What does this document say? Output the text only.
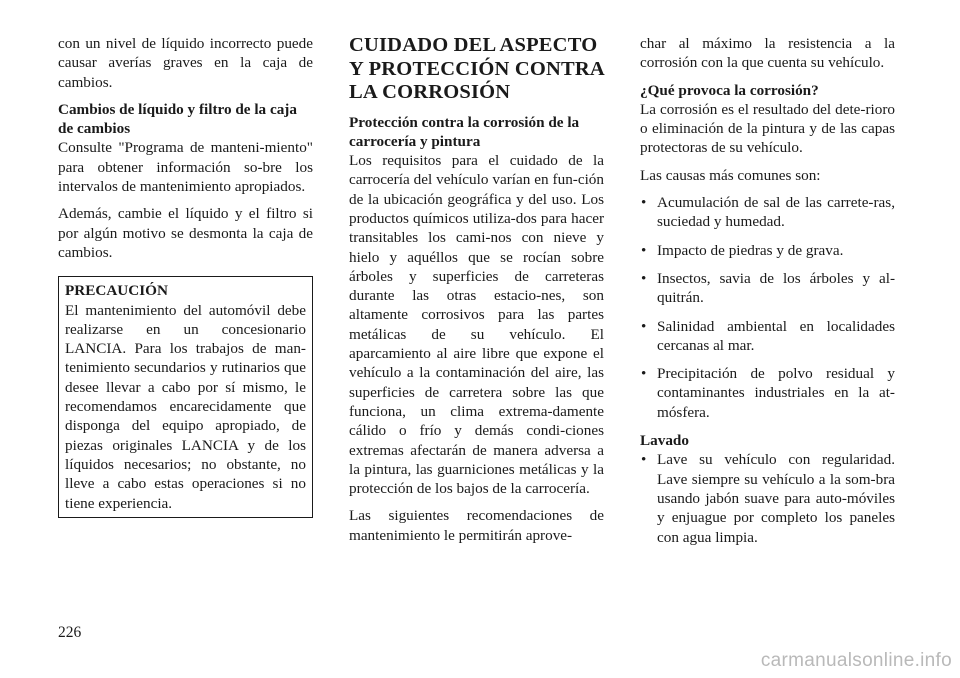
con un nivel de líquido incorrecto puede causar averías graves en la caja de cambios.

Cambios de líquido y filtro de la caja de cambios

Consulte "Programa de manteni-miento" para obtener información so-bre los intervalos de mantenimiento apropiados.

Además, cambie el líquido y el filtro si por algún motivo se desmonta la caja de cambios.

PRECAUCIÓN

El mantenimiento del automóvil debe realizarse en un concesionario LANCIA. Para los trabajos de man-tenimiento secundarios y rutinarios que desee llevar a cabo por sí mismo, le recomendamos encarecidamente que disponga del equipo apropiado, de piezas originales LANCIA y de los líquidos necesarios; no obstante, no lleve a cabo estas operaciones si no tiene experiencia.

CUIDADO DEL ASPECTO Y PROTECCIÓN CONTRA LA CORROSIÓN
Protección contra la corrosión de la carrocería y pintura

Los requisitos para el cuidado de la carrocería del vehículo varían en fun-ción de la ubicación geográfica y del uso. Los productos químicos utiliza-dos para hacer transitables los cami-nos con nieve y hielo y aquéllos que se rocían sobre árboles y superficies de carreteras durante las otras estacio-nes, son altamente corrosivos para las partes metálicas de su vehículo. El aparcamiento al aire libre que expone el vehículo a la contaminación del aire, las superficies de carretera sobre las que funciona, un clima extrema-damente cálido o frío y demás condi-ciones extremas afectarán de manera adversa a la pintura, las guarniciones metálicas y la protección de los bajos de la carrocería.

Las siguientes recomendaciones de mantenimiento le permitirán aprove-

char al máximo la resistencia a la corrosión con la que cuenta su vehículo.

¿Qué provoca la corrosión?

La corrosión es el resultado del dete-rioro o eliminación de la pintura y de las capas protectoras de su vehículo.

Las causas más comunes son:

• Acumulación de sal de las carrete-ras, suciedad y humedad.
• Impacto de piedras y de grava.
• Insectos, savia de los árboles y al-quitrán.
• Salinidad ambiental en localidades cercanas al mar.
• Precipitación de polvo residual y contaminantes industriales en la at-mósfera.
Lavado
• Lave su vehículo con regularidad. Lave siempre su vehículo a la som-bra usando jabón suave para auto-móviles y enjuague por completo los paneles con agua limpia.
226
carmanualsonline.info
